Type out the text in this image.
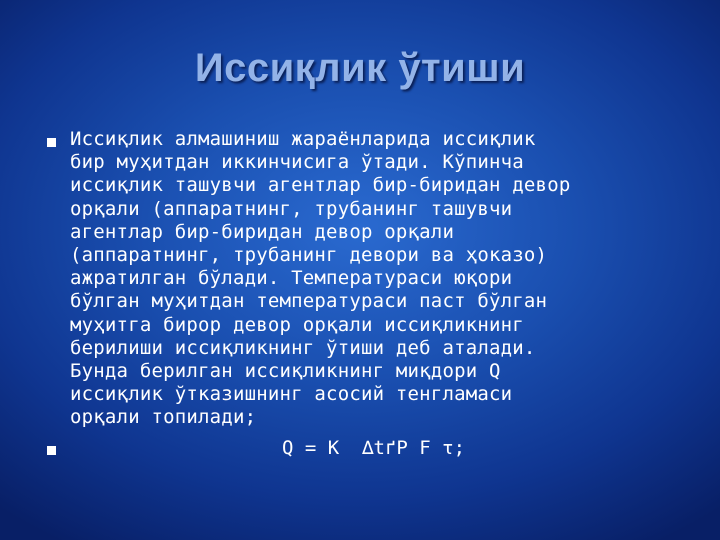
Иссиқлик ўтиши
Иссиқлик алмашиниш жараёнларида иссиқлик
бир муҳитдан иккинчисига ўтади. Кўпинча
иссиқлик ташувчи агентлар бир-биридан девор
орқали (аппаратнинг, трубанинг ташувчи
агентлар бир-биридан девор орқали
(аппаратнинг, трубанинг девори ва ҳоказо)
ажратилган бўлади. Температураси юқори
бўлган муҳитдан температураси паст бўлган
муҳитга бирор девор орқали иссиқликнинг
берилиши иссиқликнинг ўтиши деб аталади.
Бунда берилган иссиқликнинг миқдори Q
иссиқлик ўтказишнинг асосий тенгламаси
орқали топилади;
Q = K  ∆tґP F τ;
